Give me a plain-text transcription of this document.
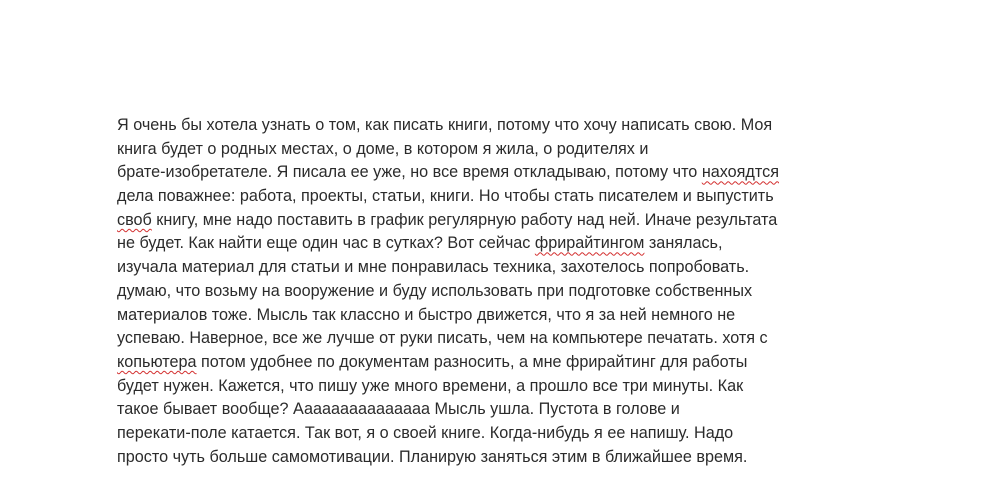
Я очень бы хотела узнать о том, как писать книги, потому что хочу написать свою. Моя
книга будет о родных местах, о доме, в котором я жила, о родителях и
брате-изобретателе. Я писала ее уже, но все время откладываю, потому что нахоядтся
дела поважнее: работа, проекты, статьи, книги. Но чтобы стать писателем и выпустить
своб книгу, мне надо поставить в график регулярную работу над ней. Иначе результата
не будет. Как найти еще один час в сутках? Вот сейчас фрирайтингом занялась,
изучала материал для статьи и мне понравилась техника, захотелось попробовать.
думаю, что возьму на вооружение и буду использовать при подготовке собственных
материалов тоже. Мысль так классно и быстро движется, что я за ней немного не
успеваю. Наверное, все же лучше от руки писать, чем на компьютере печатать. хотя с
копьютера потом удобнее по документам разносить, а мне фрирайтинг для работы
будет нужен. Кажется, что пишу уже много времени, а прошло все три минуты. Как
такое бывает вообще? Ааааааааааааааа Мысль ушла. Пустота в голове и
перекати-поле катается. Так вот, я о своей книге. Когда-нибудь я ее напишу. Надо
просто чуть больше самомотивации. Планирую заняться этим в ближайшее время.
